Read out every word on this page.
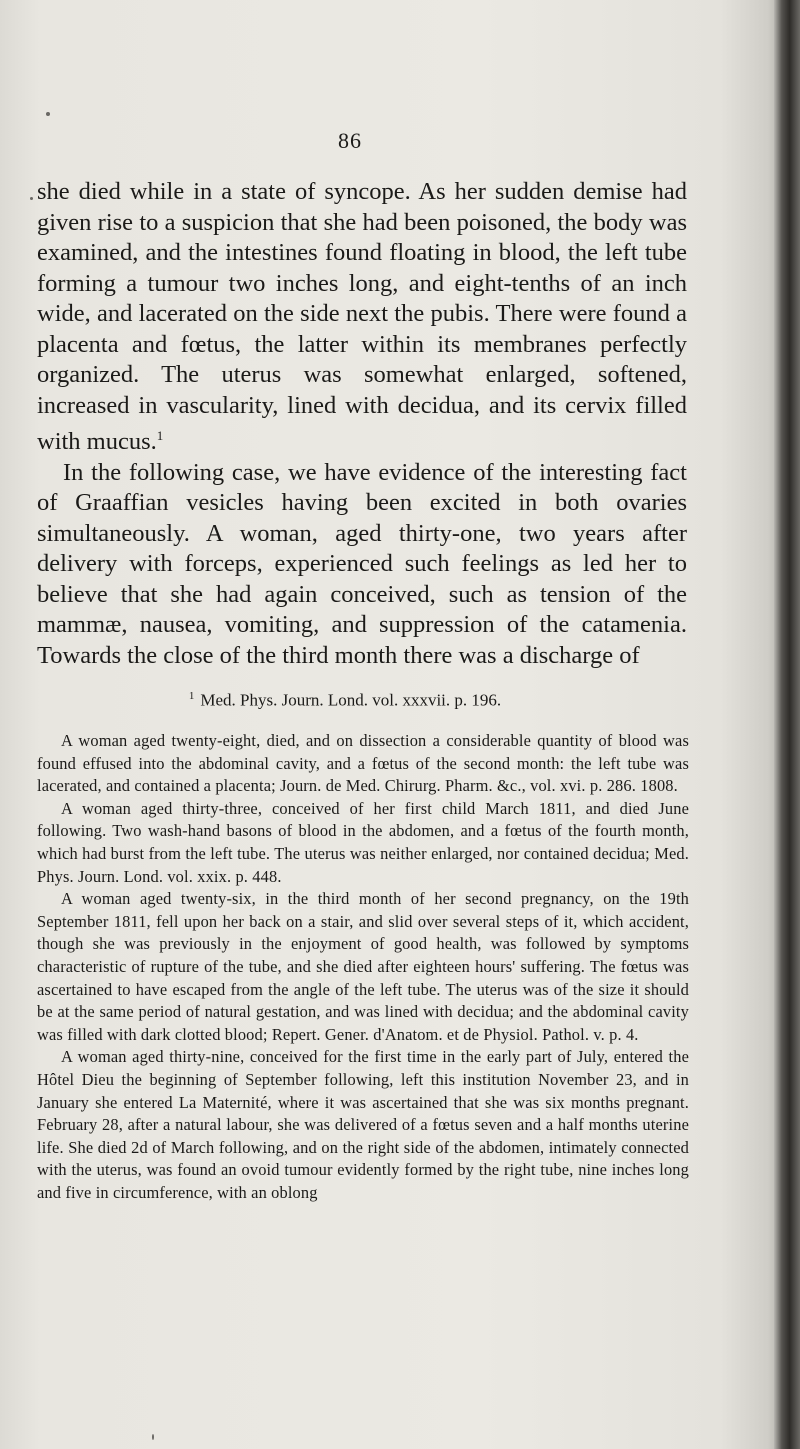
86

she died while in a state of syncope. As her sudden demise had given rise to a suspicion that she had been poisoned, the body was examined, and the intestines found floating in blood, the left tube forming a tumour two inches long, and eight-tenths of an inch wide, and lacerated on the side next the pubis. There were found a placenta and fœtus, the latter within its membranes perfectly organized. The uterus was somewhat enlarged, softened, increased in vascularity, lined with decidua, and its cervix filled with mucus.$^1$

In the following case, we have evidence of the interesting fact of Graaffian vesicles having been excited in both ovaries simultaneously. A woman, aged thirty-one, two years after delivery with forceps, experienced such feelings as led her to believe that she had again conceived, such as tension of the mammæ, nausea, vomiting, and suppression of the catamenia. Towards the close of the third month there was a discharge of

$^1$ Med. Phys. Journ. Lond. vol. xxxvii. p. 196.

A woman aged twenty-eight, died, and on dissection a considerable quantity of blood was found effused into the abdominal cavity, and a fœtus of the second month: the left tube was lacerated, and contained a placenta; Journ. de Med. Chirurg. Pharm. &c., vol. xvi. p. 286. 1808.

A woman aged thirty-three, conceived of her first child March 1811, and died June following. Two wash-hand basons of blood in the abdomen, and a fœtus of the fourth month, which had burst from the left tube. The uterus was neither enlarged, nor contained decidua; Med. Phys. Journ. Lond. vol. xxix. p. 448.

A woman aged twenty-six, in the third month of her second pregnancy, on the 19th September 1811, fell upon her back on a stair, and slid over several steps of it, which accident, though she was previously in the enjoyment of good health, was followed by symptoms characteristic of rupture of the tube, and she died after eighteen hours' suffering. The fœtus was ascertained to have escaped from the angle of the left tube. The uterus was of the size it should be at the same period of natural gestation, and was lined with decidua; and the abdominal cavity was filled with dark clotted blood; Repert. Gener. d'Anatom. et de Physiol. Pathol. v. p. 4.

A woman aged thirty-nine, conceived for the first time in the early part of July, entered the Hôtel Dieu the beginning of September following, left this institution November 23, and in January she entered La Maternité, where it was ascertained that she was six months pregnant. February 28, after a natural labour, she was delivered of a fœtus seven and a half months uterine life. She died 2d of March following, and on the right side of the abdomen, intimately connected with the uterus, was found an ovoid tumour evidently formed by the right tube, nine inches long and five in circumference, with an oblong
